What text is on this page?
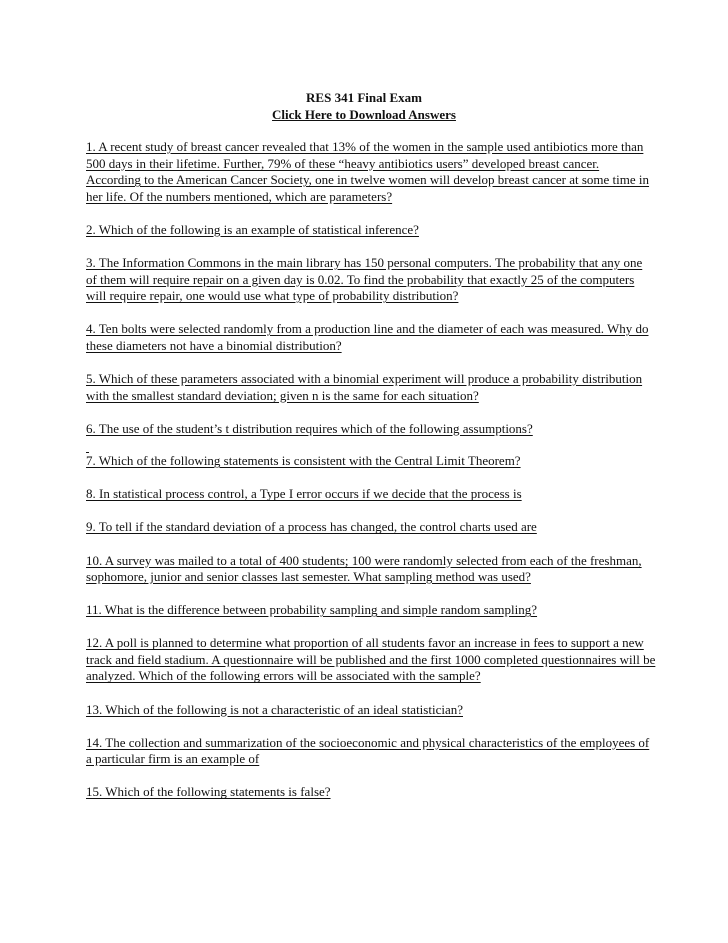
RES 341 Final Exam
Click Here to Download Answers

1. A recent study of breast cancer revealed that 13% of the women in the sample used antibiotics more than 500 days in their lifetime. Further, 79% of these “heavy antibiotics users” developed breast cancer. According to the American Cancer Society, one in twelve women will develop breast cancer at some time in her life. Of the numbers mentioned, which are parameters?

2. Which of the following is an example of statistical inference?

3. The Information Commons in the main library has 150 personal computers. The probability that any one of them will require repair on a given day is 0.02. To find the probability that exactly 25 of the computers will require repair, one would use what type of probability distribution?

4. Ten bolts were selected randomly from a production line and the diameter of each was measured. Why do these diameters not have a binomial distribution?

5. Which of these parameters associated with a binomial experiment will produce a probability distribution with the smallest standard deviation; given n is the same for each situation?

6. The use of the student’s t distribution requires which of the following assumptions?

7. Which of the following statements is consistent with the Central Limit Theorem?

8. In statistical process control, a Type I error occurs if we decide that the process is

9. To tell if the standard deviation of a process has changed, the control charts used are

10. A survey was mailed to a total of 400 students; 100 were randomly selected from each of the freshman, sophomore, junior and senior classes last semester. What sampling method was used?

11. What is the difference between probability sampling and simple random sampling?

12. A poll is planned to determine what proportion of all students favor an increase in fees to support a new track and field stadium. A questionnaire will be published and the first 1000 completed questionnaires will be analyzed. Which of the following errors will be associated with the sample?

13. Which of the following is not a characteristic of an ideal statistician?

14. The collection and summarization of the socioeconomic and physical characteristics of the employees of a particular firm is an example of

15. Which of the following statements is false?
